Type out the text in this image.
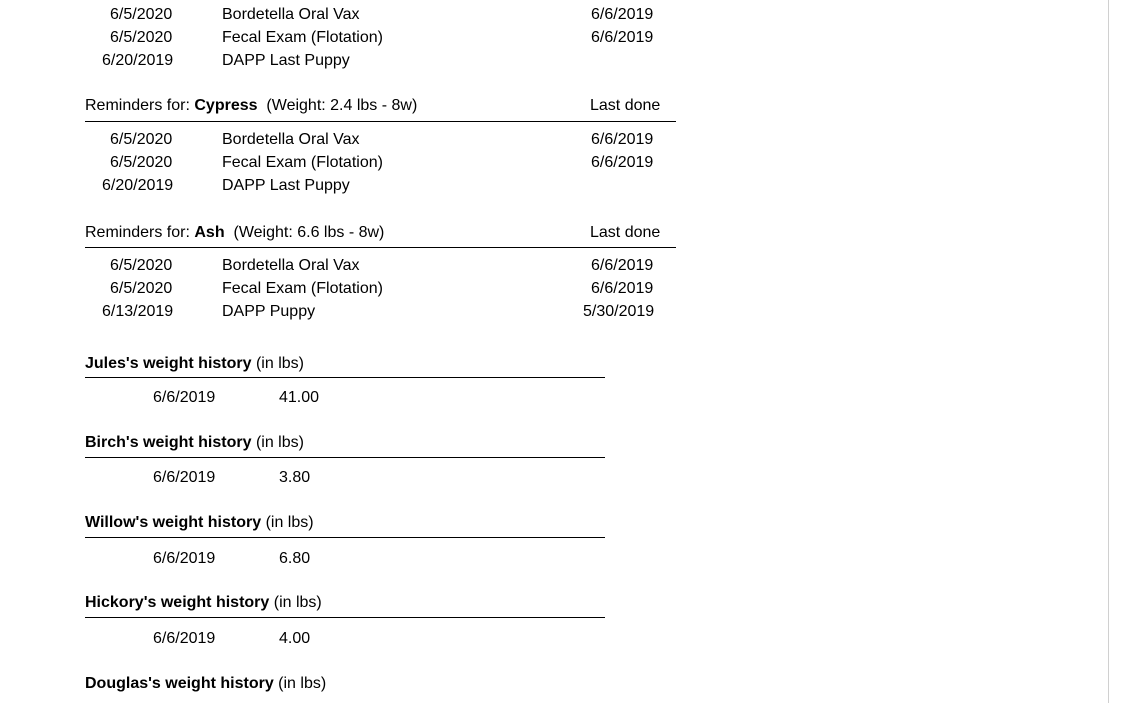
6/5/2020	Bordetella Oral Vax	6/6/2019
6/5/2020	Fecal Exam (Flotation)	6/6/2019
6/20/2019	DAPP Last Puppy
Reminders for: Cypress (Weight: 2.4 lbs - 8w)	Last done
6/5/2020	Bordetella Oral Vax	6/6/2019
6/5/2020	Fecal Exam (Flotation)	6/6/2019
6/20/2019	DAPP Last Puppy
Reminders for: Ash (Weight: 6.6 lbs - 8w)	Last done
6/5/2020	Bordetella Oral Vax	6/6/2019
6/5/2020	Fecal Exam (Flotation)	6/6/2019
6/13/2019	DAPP Puppy	5/30/2019
Jules's weight history (in lbs)
6/6/2019	41.00
Birch's weight history (in lbs)
6/6/2019	3.80
Willow's weight history (in lbs)
6/6/2019	6.80
Hickory's weight history (in lbs)
6/6/2019	4.00
Douglas's weight history (in lbs)
